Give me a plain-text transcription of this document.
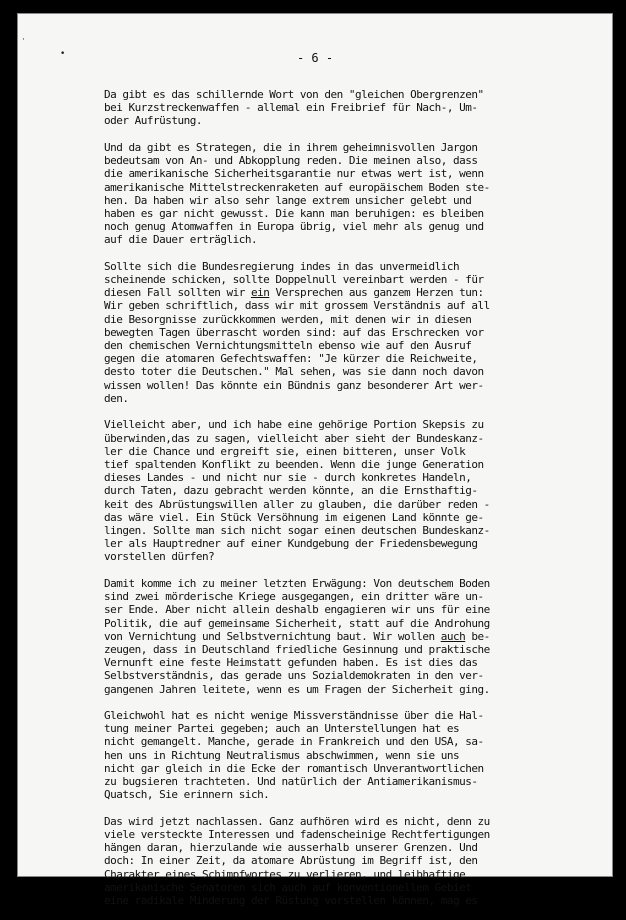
·
•	- 6 -

Da gibt es das schillernde Wort von den "gleichen Obergrenzen"
bei Kurzstreckenwaffen - allemal ein Freibrief für Nach-, Um-
oder Aufrüstung.

Und da gibt es Strategen, die in ihrem geheimnisvollen Jargon
bedeutsam von An- und Abkopplung reden. Die meinen also, dass
die amerikanische Sicherheitsgarantie nur etwas wert ist, wenn
amerikanische Mittelstreckenraketen auf europäischem Boden ste-
hen. Da haben wir also sehr lange extrem unsicher gelebt und
haben es gar nicht gewusst. Die kann man beruhigen: es bleiben
noch genug Atomwaffen in Europa übrig, viel mehr als genug und
auf die Dauer erträglich.

Sollte sich die Bundesregierung indes in das unvermeidlich
scheinende schicken, sollte Doppelnull vereinbart werden - für
diesen Fall sollten wir ein Versprechen aus ganzem Herzen tun:
Wir geben schriftlich, dass wir mit grossem Verständnis auf all
die Besorgnisse zurückkommen werden, mit denen wir in diesen
bewegten Tagen überrascht worden sind: auf das Erschrecken vor
den chemischen Vernichtungsmitteln ebenso wie auf den Ausruf
gegen die atomaren Gefechtswaffen: "Je kürzer die Reichweite,
desto toter die Deutschen." Mal sehen, was sie dann noch davon
wissen wollen! Das könnte ein Bündnis ganz besonderer Art wer-
den.

Vielleicht aber, und ich habe eine gehörige Portion Skepsis zu
überwinden,das zu sagen, vielleicht aber sieht der Bundeskanz-
ler die Chance und ergreift sie, einen bitteren, unser Volk
tief spaltenden Konflikt zu beenden. Wenn die junge Generation
dieses Landes - und nicht nur sie - durch konkretes Handeln,
durch Taten, dazu gebracht werden könnte, an die Ernsthaftig-
keit des Abrüstungswillen aller zu glauben, die darüber reden -
das wäre viel. Ein Stück Versöhnung im eigenen Land könnte ge-
lingen. Sollte man sich nicht sogar einen deutschen Bundeskanz-
ler als Hauptredner auf einer Kundgebung der Friedensbewegung
vorstellen dürfen?

Damit komme ich zu meiner letzten Erwägung: Von deutschem Boden
sind zwei mörderische Kriege ausgegangen, ein dritter wäre un-
ser Ende. Aber nicht allein deshalb engagieren wir uns für eine
Politik, die auf gemeinsame Sicherheit, statt auf die Androhung
von Vernichtung und Selbstvernichtung baut. Wir wollen auch be-
zeugen, dass in Deutschland friedliche Gesinnung und praktische
Vernunft eine feste Heimstatt gefunden haben. Es ist dies das
Selbstverständnis, das gerade uns Sozialdemokraten in den ver-
gangenen Jahren leitete, wenn es um Fragen der Sicherheit ging.

Gleichwohl hat es nicht wenige Missverständnisse über die Hal-
tung meiner Partei gegeben; auch an Unterstellungen hat es
nicht gemangelt. Manche, gerade in Frankreich und den USA, sa-
hen uns in Richtung Neutralismus abschwimmen, wenn sie uns
nicht gar gleich in die Ecke der romantisch Unverantwortlichen
zu bugsieren trachteten. Und natürlich der Antiamerikanismus-
Quatsch, Sie erinnern sich.

Das wird jetzt nachlassen. Ganz aufhören wird es nicht, denn zu
viele versteckte Interessen und fadenscheinige Rechtfertigungen
hängen daran, hierzulande wie ausserhalb unserer Grenzen. Und
doch: In einer Zeit, da atomare Abrüstung im Begriff ist, den
Charakter eines Schimpfwortes zu verlieren, und leibhaftige
amerikanische Senatoren sich auch auf konventionellem Gebiet
eine radikale Minderung der Rüstung vorstellen können, mag es
